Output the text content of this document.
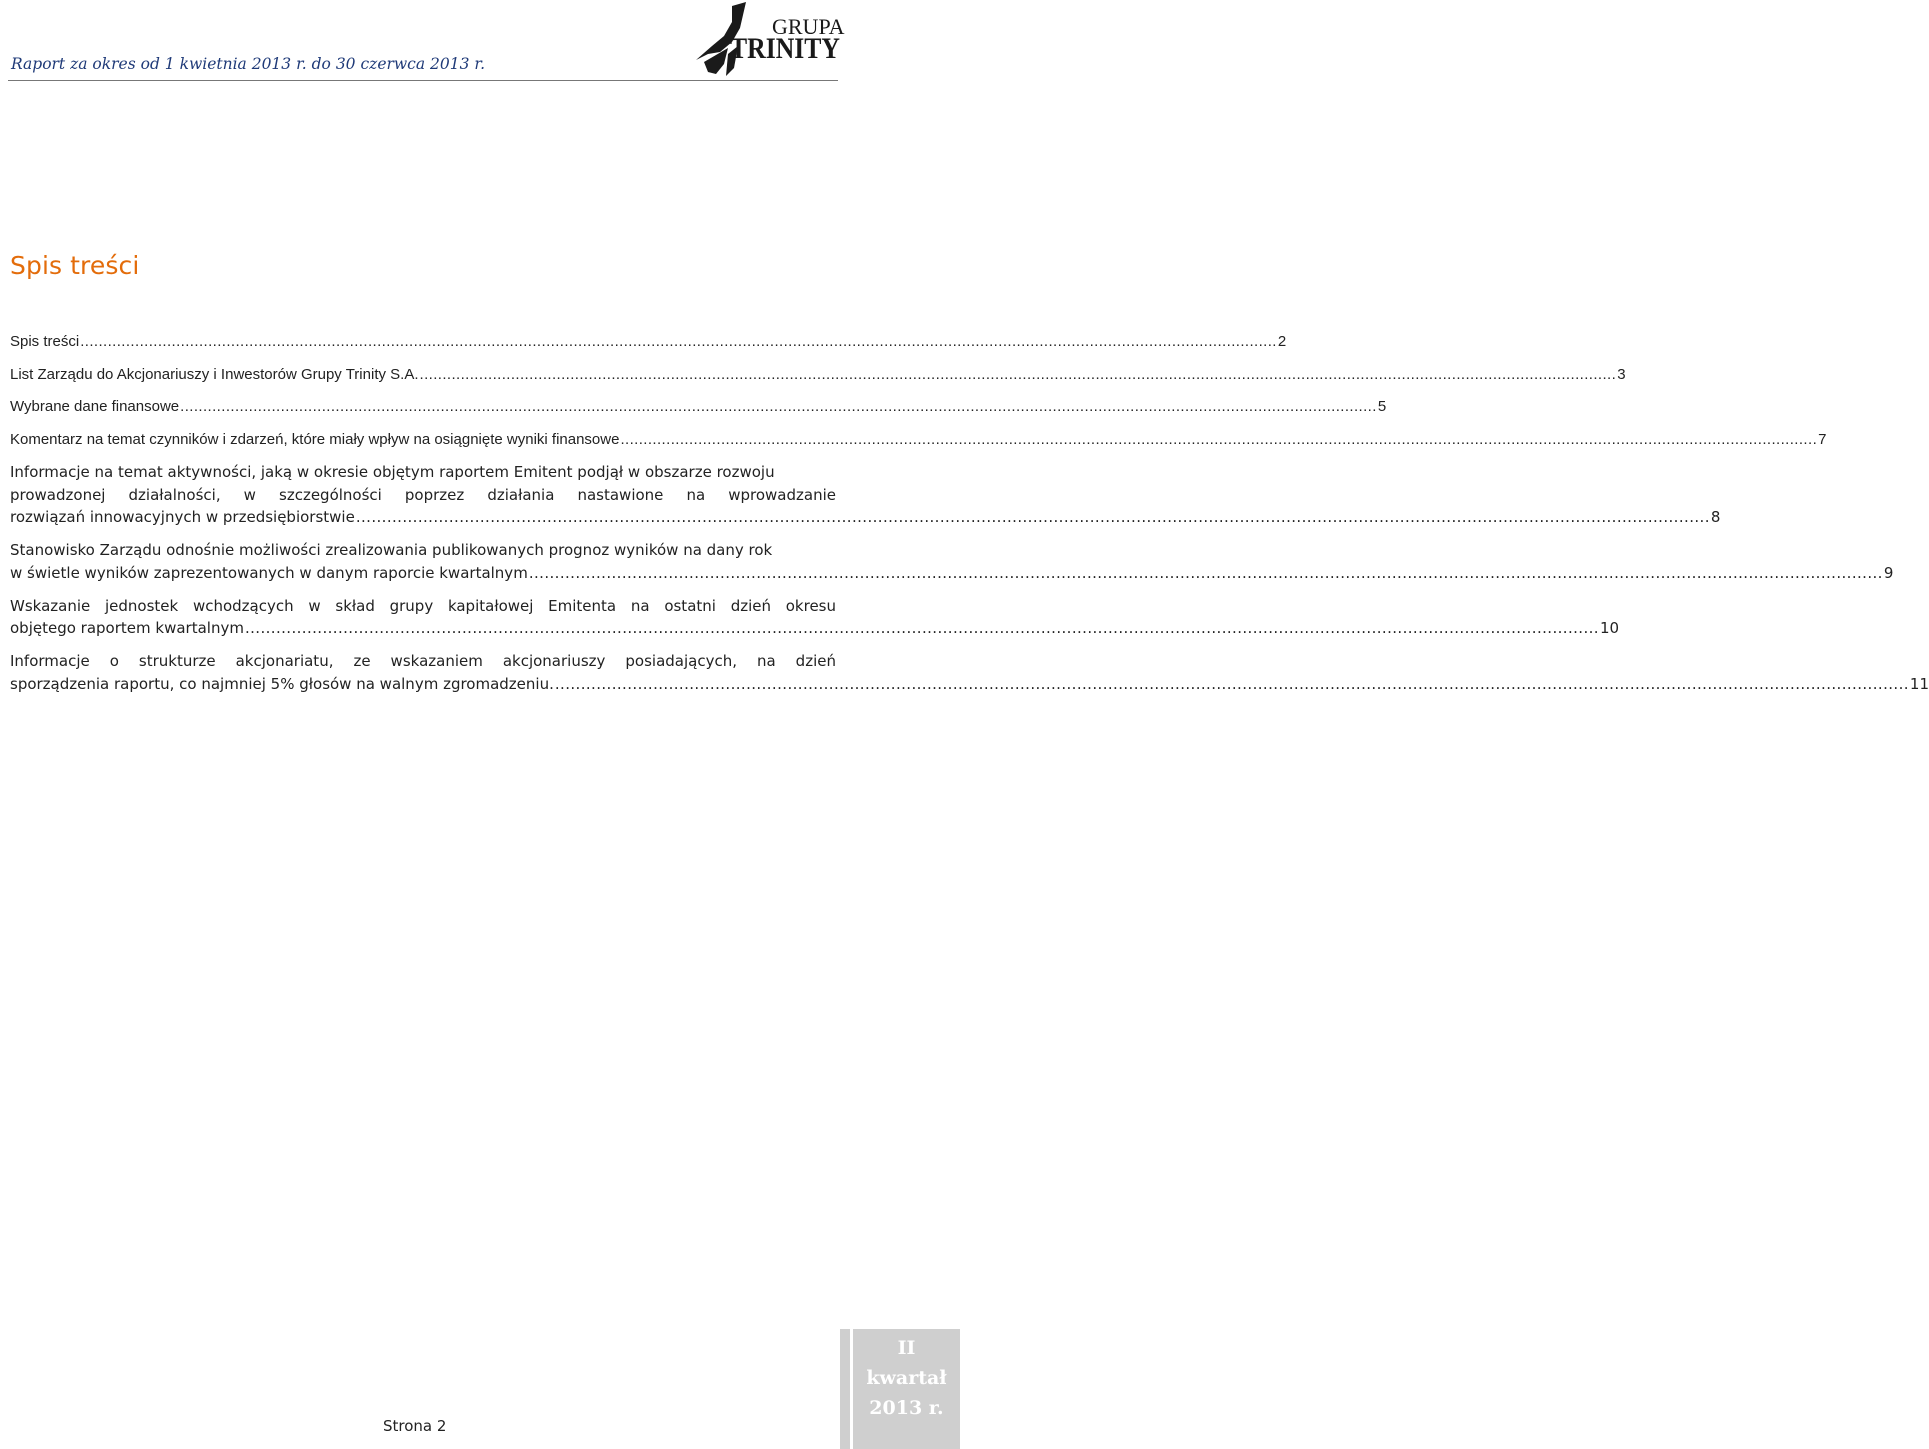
Raport za okres od 1 kwietnia 2013 r. do 30 czerwca 2013 r.
GRUPA
TRINITY
Spis treści
Spis treści .....	2
List Zarządu do Akcjonariuszy i Inwestorów Grupy Trinity S.A. .....	3
Wybrane dane finansowe .....	5
Komentarz na temat czynników i zdarzeń, które miały wpływ na osiągnięte wyniki finansowe .....	7
Informacje na temat aktywności, jaką w okresie objętym raportem Emitent podjął w obszarze rozwoju
prowadzonej działalności, w szczególności poprzez działania nastawione na wprowadzanie
rozwiązań innowacyjnych w przedsiębiorstwie .....	8
Stanowisko Zarządu odnośnie możliwości zrealizowania publikowanych prognoz wyników na dany rok
w świetle wyników zaprezentowanych w danym raporcie kwartalnym .....	9
Wskazanie jednostek wchodzących w skład grupy kapitałowej Emitenta na ostatni dzień okresu
objętego raportem kwartalnym .....	10
Informacje o strukturze akcjonariatu, ze wskazaniem akcjonariuszy posiadających, na dzień
sporządzenia raportu, co najmniej 5% głosów na walnym zgromadzeniu. .....	11
Strona 2
II
kwartał
2013 r.
